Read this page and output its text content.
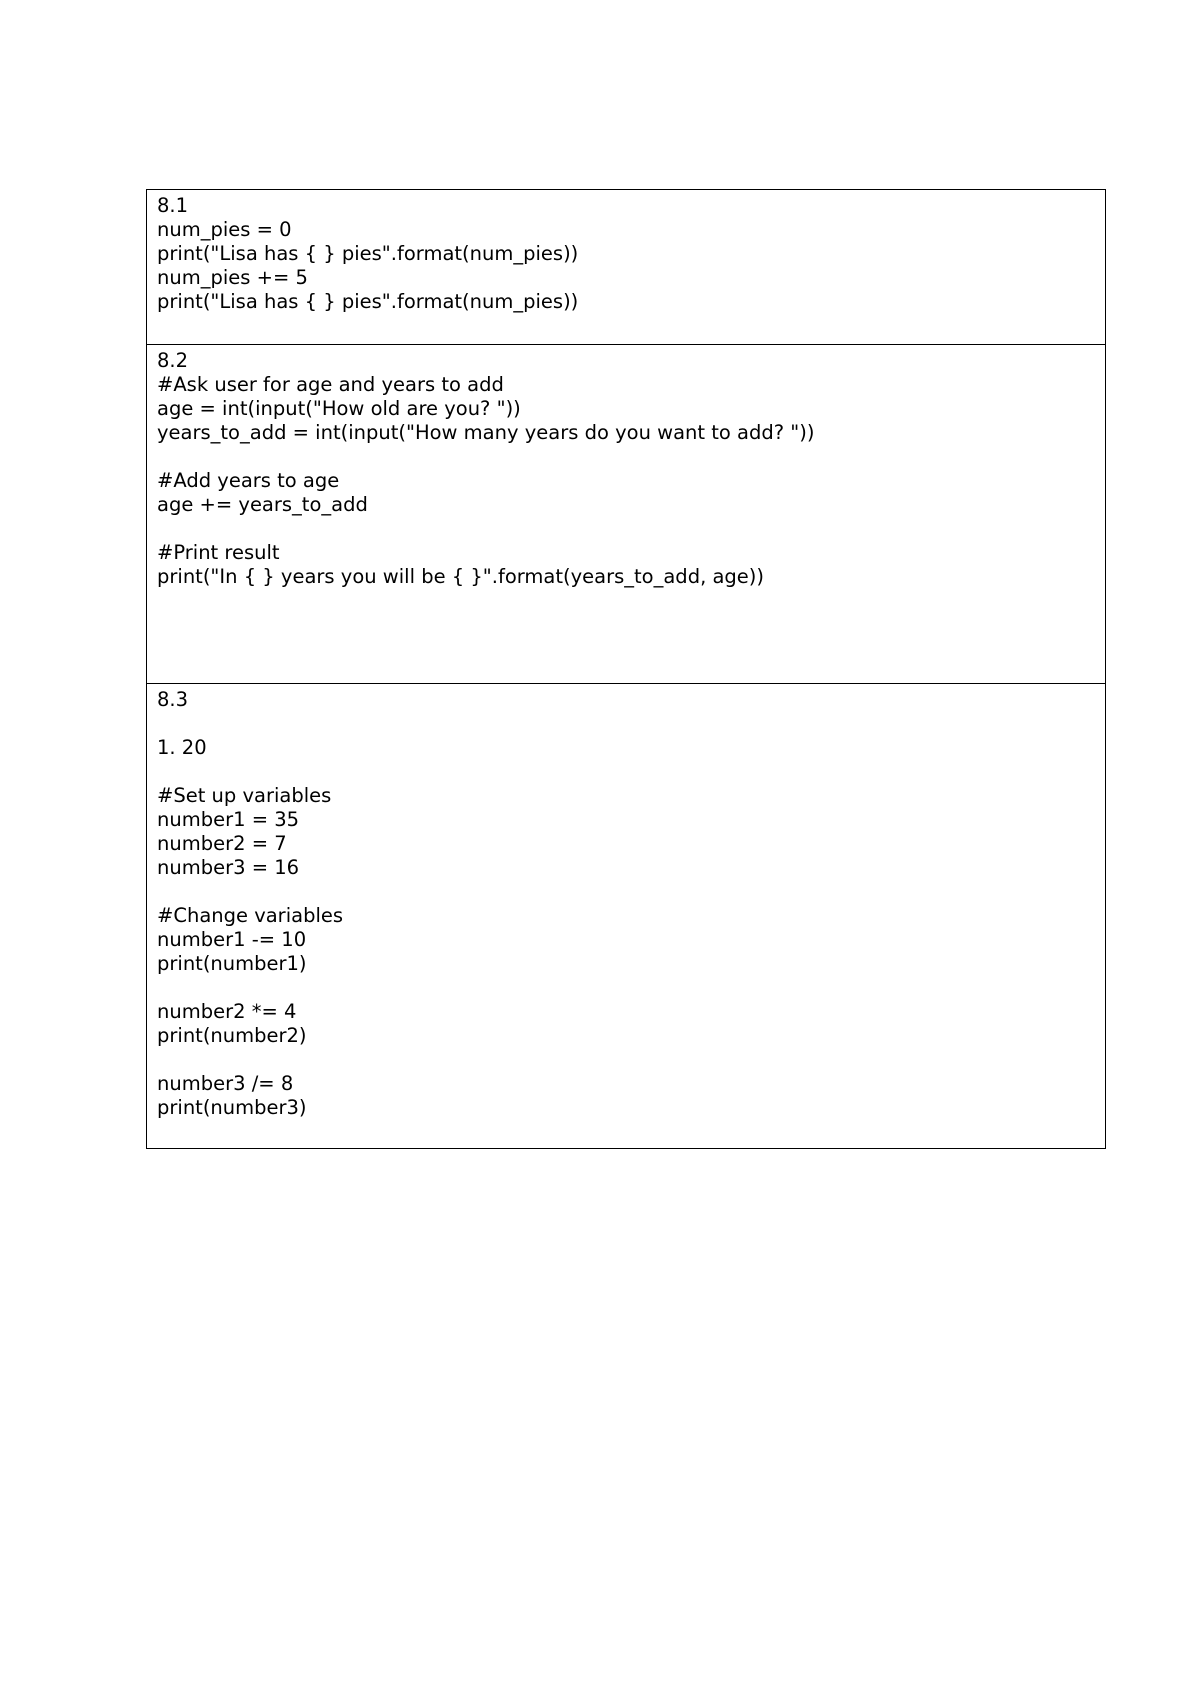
8.1
num_pies = 0
print("Lisa has { } pies".format(num_pies))
num_pies += 5
print("Lisa has { } pies".format(num_pies))

8.2
#Ask user for age and years to add
age = int(input("How old are you? "))
years_to_add = int(input("How many years do you want to add? "))
#Add years to age
age += years_to_add
#Print result
print("In { } years you will be { }".format(years_to_add, age))

8.3
1. 20
#Set up variables
number1 = 35
number2 = 7
number3 = 16
#Change variables
number1 -= 10
print(number1)
number2 *= 4
print(number2)
number3 /= 8
print(number3)
